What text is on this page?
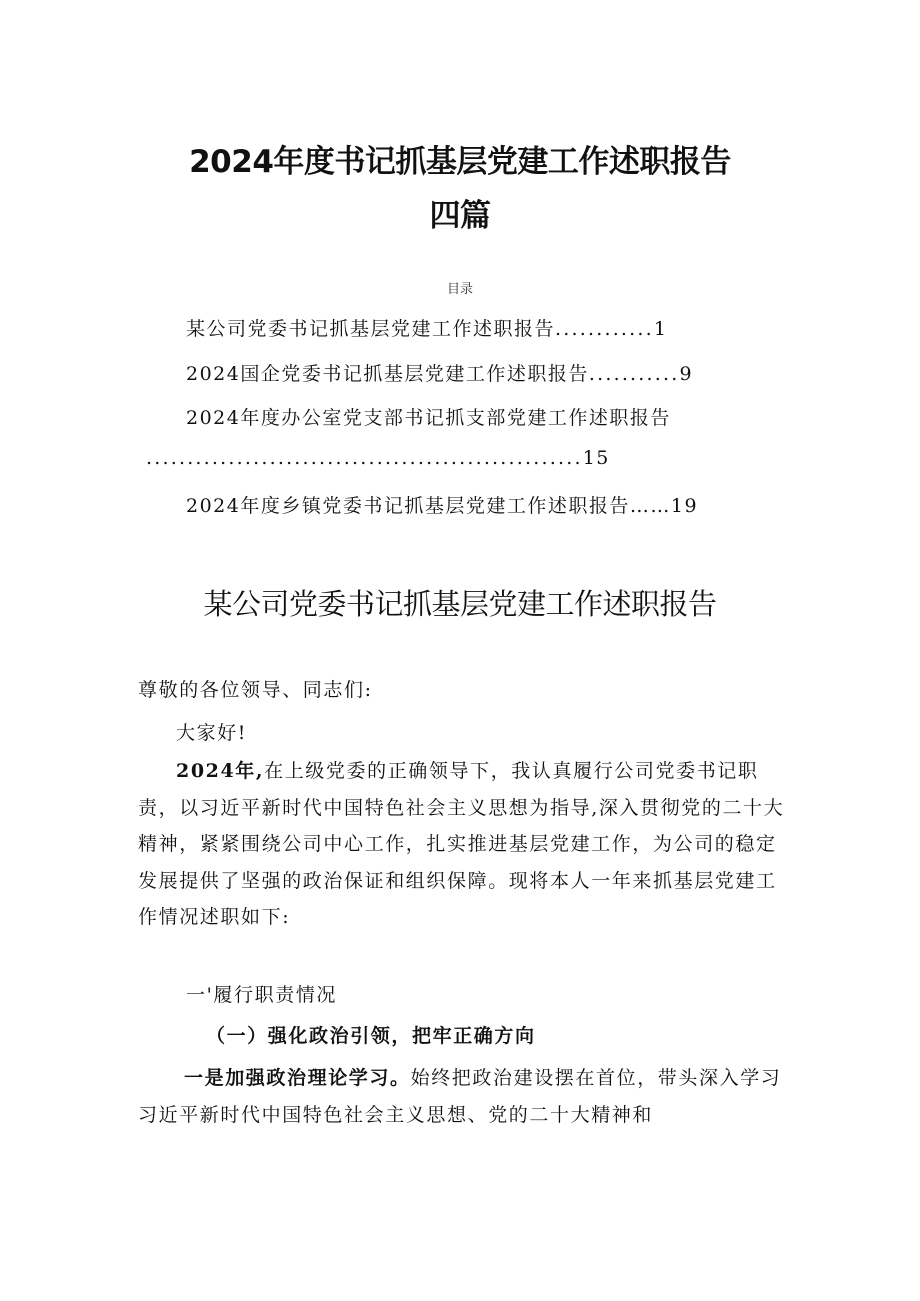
2024年度书记抓基层党建工作述职报告
四篇
目录
某公司党委书记抓基层党建工作述职报告............1
2024国企党委书记抓基层党建工作述职报告...........9
2024年度办公室党支部书记抓支部党建工作述职报告
.....................................................15
2024年度乡镇党委书记抓基层党建工作述职报告……19
某公司党委书记抓基层党建工作述职报告
尊敬的各位领导、同志们:
大家好!
2024年,在上级党委的正确领导下，我认真履行公司党委书记职责，以习近平新时代中国特色社会主义思想为指导,深入贯彻党的二十大精神，紧紧围绕公司中心工作，扎实推进基层党建工作，为公司的稳定发展提供了坚强的政治保证和组织保障。现将本人一年来抓基层党建工作情况述职如下:
一'履行职责情况
（一）强化政治引领，把牢正确方向
一是加强政治理论学习。始终把政治建设摆在首位，带头深入学习习近平新时代中国特色社会主义思想、党的二十大精神和
